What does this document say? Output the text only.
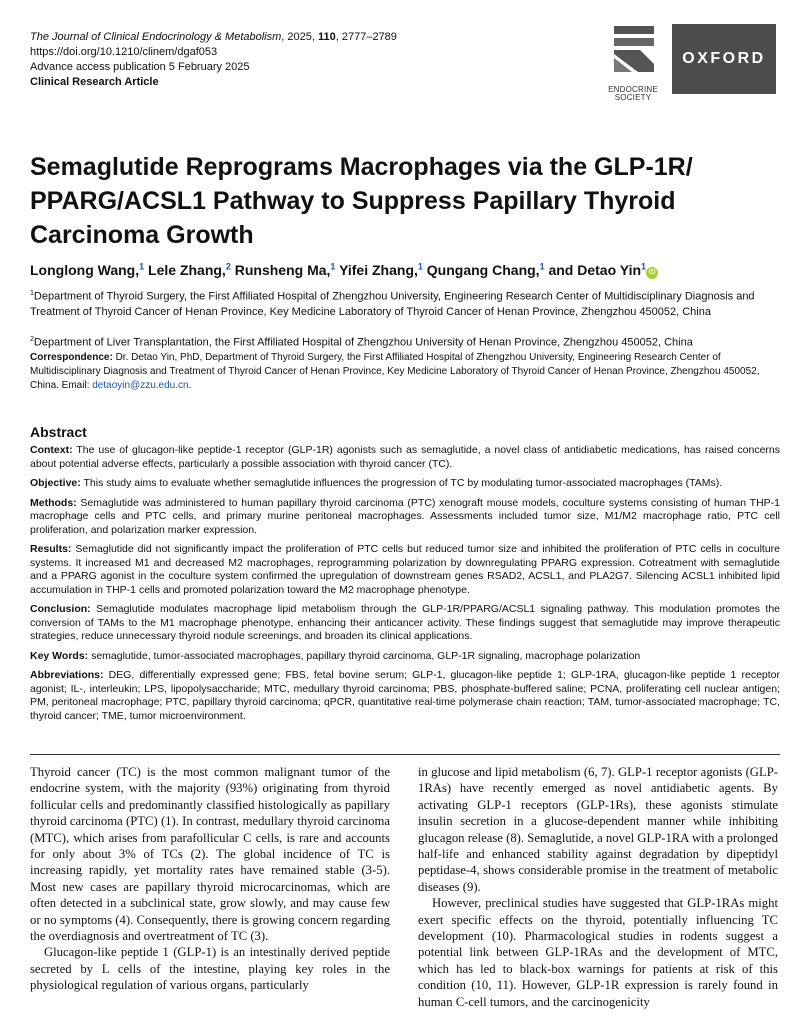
The Journal of Clinical Endocrinology & Metabolism, 2025, 110, 2777–2789
https://doi.org/10.1210/clinem/dgaf053
Advance access publication 5 February 2025
Clinical Research Article
ENDOCRINE
SOCIETY
OXFORD
Semaglutide Reprograms Macrophages via the GLP-1R/ PPARG/ACSL1 Pathway to Suppress Papillary Thyroid Carcinoma Growth
Longlong Wang,$^1$ Lele Zhang,$^2$ Runsheng Ma,$^1$ Yifei Zhang,$^1$ Qungang Chang,$^1$ and Detao Yin$^1$iD
$^1$Department of Thyroid Surgery, the First Affiliated Hospital of Zhengzhou University, Engineering Research Center of Multidisciplinary Diagnosis and Treatment of Thyroid Cancer of Henan Province, Key Medicine Laboratory of Thyroid Cancer of Henan Province, Zhengzhou 450052, China
$^2$Department of Liver Transplantation, the First Affiliated Hospital of Zhengzhou University of Henan Province, Zhengzhou 450052, China
Correspondence: Dr. Detao Yin, PhD, Department of Thyroid Surgery, the First Affiliated Hospital of Zhengzhou University, Engineering Research Center of Multidisciplinary Diagnosis and Treatment of Thyroid Cancer of Henan Province, Key Medicine Laboratory of Thyroid Cancer of Henan Province, Zhengzhou 450052, China. Email: detaoyin@zzu.edu.cn.
Abstract

Context: The use of glucagon-like peptide-1 receptor (GLP-1R) agonists such as semaglutide, a novel class of antidiabetic medications, has raised concerns about potential adverse effects, particularly a possible association with thyroid cancer (TC).

Objective: This study aims to evaluate whether semaglutide influences the progression of TC by modulating tumor-associated macrophages (TAMs).

Methods: Semaglutide was administered to human papillary thyroid carcinoma (PTC) xenograft mouse models, coculture systems consisting of human THP-1 macrophage cells and PTC cells, and primary murine peritoneal macrophages. Assessments included tumor size, M1/M2 macrophage ratio, PTC cell proliferation, and polarization marker expression.

Results: Semaglutide did not significantly impact the proliferation of PTC cells but reduced tumor size and inhibited the proliferation of PTC cells in coculture systems. It increased M1 and decreased M2 macrophages, reprogramming polarization by downregulating PPARG expression. Cotreatment with semaglutide and a PPARG agonist in the coculture system confirmed the upregulation of downstream genes RSAD2, ACSL1, and PLA2G7. Silencing ACSL1 inhibited lipid accumulation in THP-1 cells and promoted polarization toward the M2 macrophage phenotype.

Conclusion: Semaglutide modulates macrophage lipid metabolism through the GLP-1R/PPARG/ACSL1 signaling pathway. This modulation promotes the conversion of TAMs to the M1 macrophage phenotype, enhancing their anticancer activity. These findings suggest that semaglutide may improve therapeutic strategies, reduce unnecessary thyroid nodule screenings, and broaden its clinical applications.

Key Words: semaglutide, tumor-associated macrophages, papillary thyroid carcinoma, GLP-1R signaling, macrophage polarization

Abbreviations: DEG, differentially expressed gene; FBS, fetal bovine serum; GLP-1, glucagon-like peptide 1; GLP-1RA, glucagon-like peptide 1 receptor agonist; IL-, interleukin; LPS, lipopolysaccharide; MTC, medullary thyroid carcinoma; PBS, phosphate-buffered saline; PCNA, proliferating cell nuclear antigen; PM, peritoneal macrophage; PTC, papillary thyroid carcinoma; qPCR, quantitative real-time polymerase chain reaction; TAM, tumor-associated macrophage; TC, thyroid cancer; TME, tumor microenvironment.

Thyroid cancer (TC) is the most common malignant tumor of the endocrine system, with the majority (93%) originating from thyroid follicular cells and predominantly classified histologically as papillary thyroid carcinoma (PTC) (1). In contrast, medullary thyroid carcinoma (MTC), which arises from parafollicular C cells, is rare and accounts for only about 3% of TCs (2). The global incidence of TC is increasing rapidly, yet mortality rates have remained stable (3-5). Most new cases are papillary thyroid microcarcinomas, which are often detected in a subclinical state, grow slowly, and may cause few or no symptoms (4). Consequently, there is growing concern regarding the overdiagnosis and overtreatment of TC (3).

Glucagon-like peptide 1 (GLP-1) is an intestinally derived peptide secreted by L cells of the intestine, playing key roles in the physiological regulation of various organs, particularly

in glucose and lipid metabolism (6, 7). GLP-1 receptor agonists (GLP-1RAs) have recently emerged as novel antidiabetic agents. By activating GLP-1 receptors (GLP-1Rs), these agonists stimulate insulin secretion in a glucose-dependent manner while inhibiting glucagon release (8). Semaglutide, a novel GLP-1RA with a prolonged half-life and enhanced stability against degradation by dipeptidyl peptidase-4, shows considerable promise in the treatment of metabolic diseases (9).

However, preclinical studies have suggested that GLP-1RAs might exert specific effects on the thyroid, potentially influencing TC development (10). Pharmacological studies in rodents suggest a potential link between GLP-1RAs and the development of MTC, which has led to black-box warnings for patients at risk of this condition (10, 11). However, GLP-1R expression is rarely found in human C-cell tumors, and the carcinogenicity
